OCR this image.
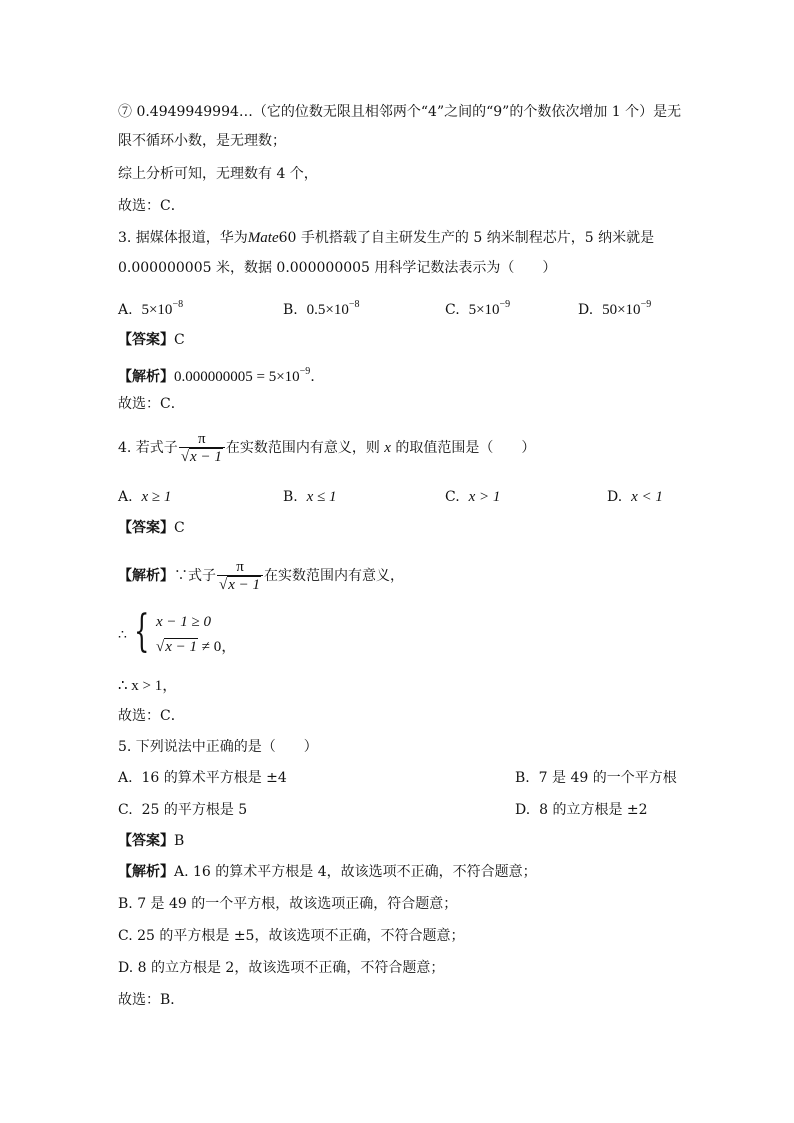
⑦ 0.4949949994…（它的位数无限且相邻两个“4”之间的“9”的个数依次增加 1 个）是无
限不循环小数，是无理数；
综上分析可知，无理数有 4 个，
故选：C．
3. 据媒体报道，华为Mate60 手机搭载了自主研发生产的 5 纳米制程芯片，5 纳米就是
0.000000005 米，数据 0.000000005 用科学记数法表示为（　　）
A. $5\times 10^{-8}$	B. $0.5\times 10^{-8}$	C. $5\times 10^{-9}$	D. $50\times 10^{-9}$
【答案】C
【解析】$0.000000005 = 5\times 10^{-9}$．
故选：C．
4. 若式子 $\frac{\pi}{√x - 1}$ 在实数范围内有意义，则 x 的取值范围是（　　）
A. x ≥ 1	B. x ≤ 1	C. x > 1	D. x < 1
【答案】C
【解析】∵式子 $\frac{\pi}{√x - 1}$ 在实数范围内有意义，
∴ { x − 1 ≥ 0
√x − 1 ≠ 0，
∴ x > 1，
故选：C．
5. 下列说法中正确的是（　　）
A. 16 的算术平方根是 ±4	B. 7 是 49 的一个平方根
C. 25 的平方根是 5	D. 8 的立方根是 ±2
【答案】B
【解析】A. 16 的算术平方根是 4，故该选项不正确，不符合题意；
B. 7 是 49 的一个平方根，故该选项正确，符合题意；
C. 25 的平方根是 ±5，故该选项不正确，不符合题意；
D. 8 的立方根是 2，故该选项不正确，不符合题意；
故选：B．
